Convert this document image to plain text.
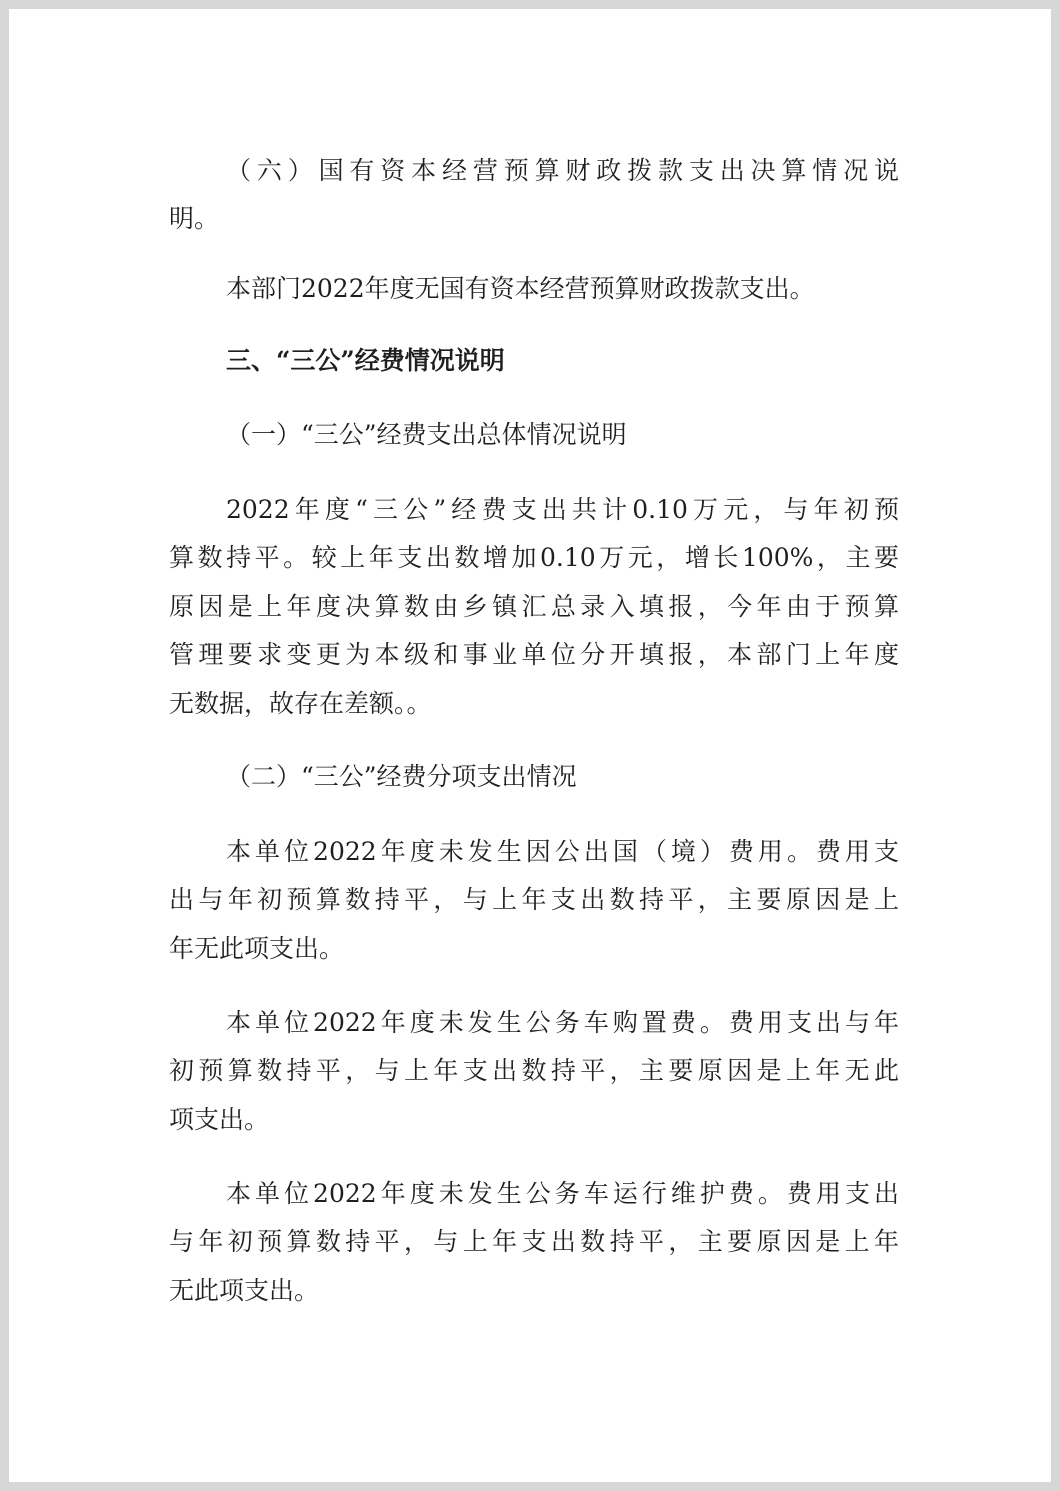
（六）国有资本经营预算财政拨款支出决算情况说

明。

本部门2022年度无国有资本经营预算财政拨款支出。

三、“三公”经费情况说明

（一）“三公”经费支出总体情况说明

2022年度“三公”经费支出共计0.10万元，与年初预

算数持平。较上年支出数增加0.10万元，增长100%，主要

原因是上年度决算数由乡镇汇总录入填报，今年由于预算

管理要求变更为本级和事业单位分开填报，本部门上年度

无数据，故存在差额。。

（二）“三公”经费分项支出情况

本单位2022年度未发生因公出国（境）费用。费用支

出与年初预算数持平，与上年支出数持平，主要原因是上

年无此项支出。

本单位2022年度未发生公务车购置费。费用支出与年

初预算数持平，与上年支出数持平，主要原因是上年无此

项支出。

本单位2022年度未发生公务车运行维护费。费用支出

与年初预算数持平，与上年支出数持平，主要原因是上年

无此项支出。
